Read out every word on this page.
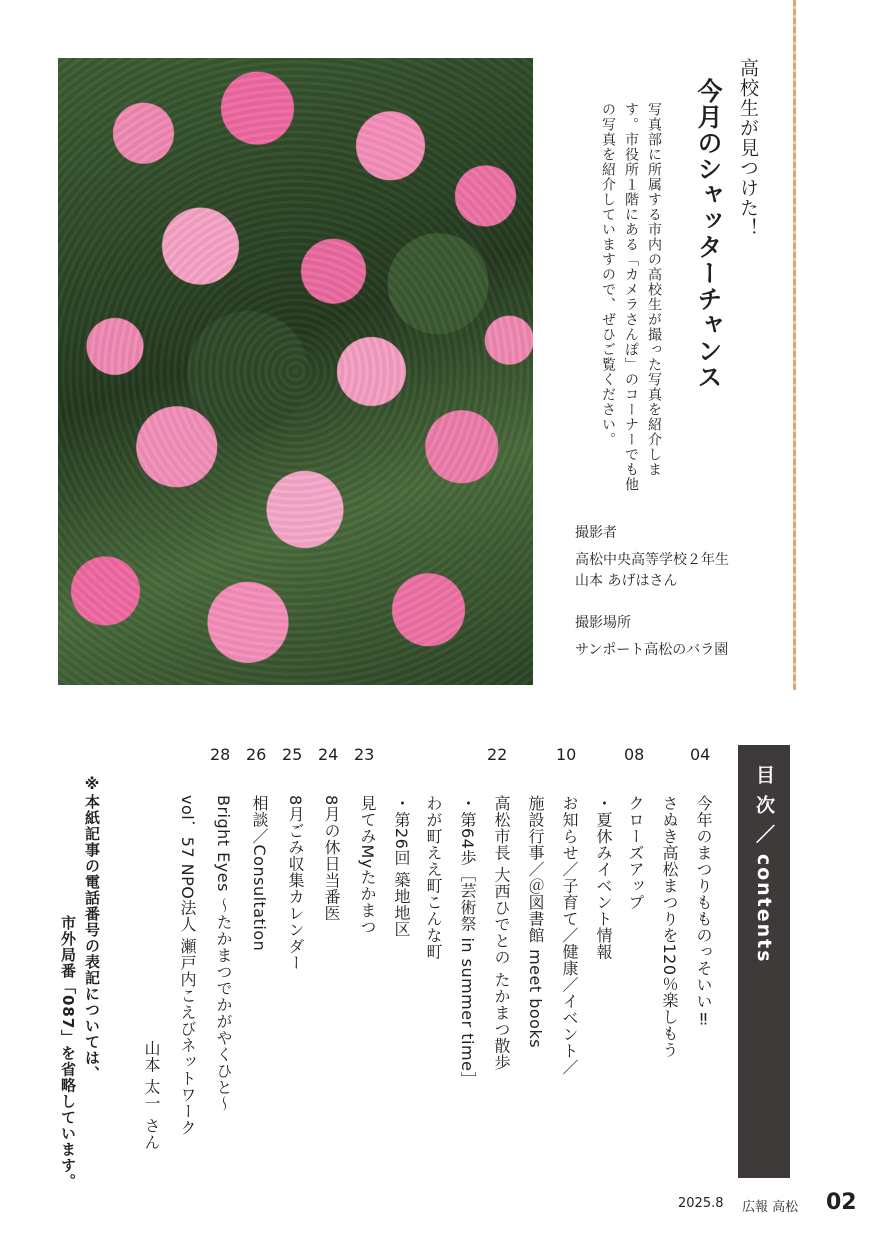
高校生が見つけた！
今月のシャッターチャンス
写真部に所属する市内の高校生が撮った写真を紹介します。市役所１階にある「カメラさんぽ」のコーナーでも他の写真を紹介していますので、ぜひご覧ください。
撮影者
高松中央高等学校２年生
山本 あげはさん
撮影場所
サンポート高松のバラ園
目 次 ／ contents
04
08
10
22
23
24
25
26
28
今年のまつりもものっそいい‼
さぬき高松まつりを120％楽しもう
クローズアップ
・夏休みイベント情報
お知らせ／子育て／健康／イベント／
施設行事／＠図書館 meet books
高松市長 大西ひでとの たかまつ散歩
・第64歩［芸術祭 in summer time］
わが町ええ町こんな町
・第26回 築地地区
見てみMyたかまつ
8月の休日当番医
8月ごみ収集カレンダー
相談／Consultation
Bright Eyes ～たかまつでかがやくひと～
vol．57 NPO法人 瀬戸内こえびネットワーク
山本 太一 さん
※本紙記事の電話番号の表記については、
市外局番「087」を省略しています。
2025.8 広報 高松 02
